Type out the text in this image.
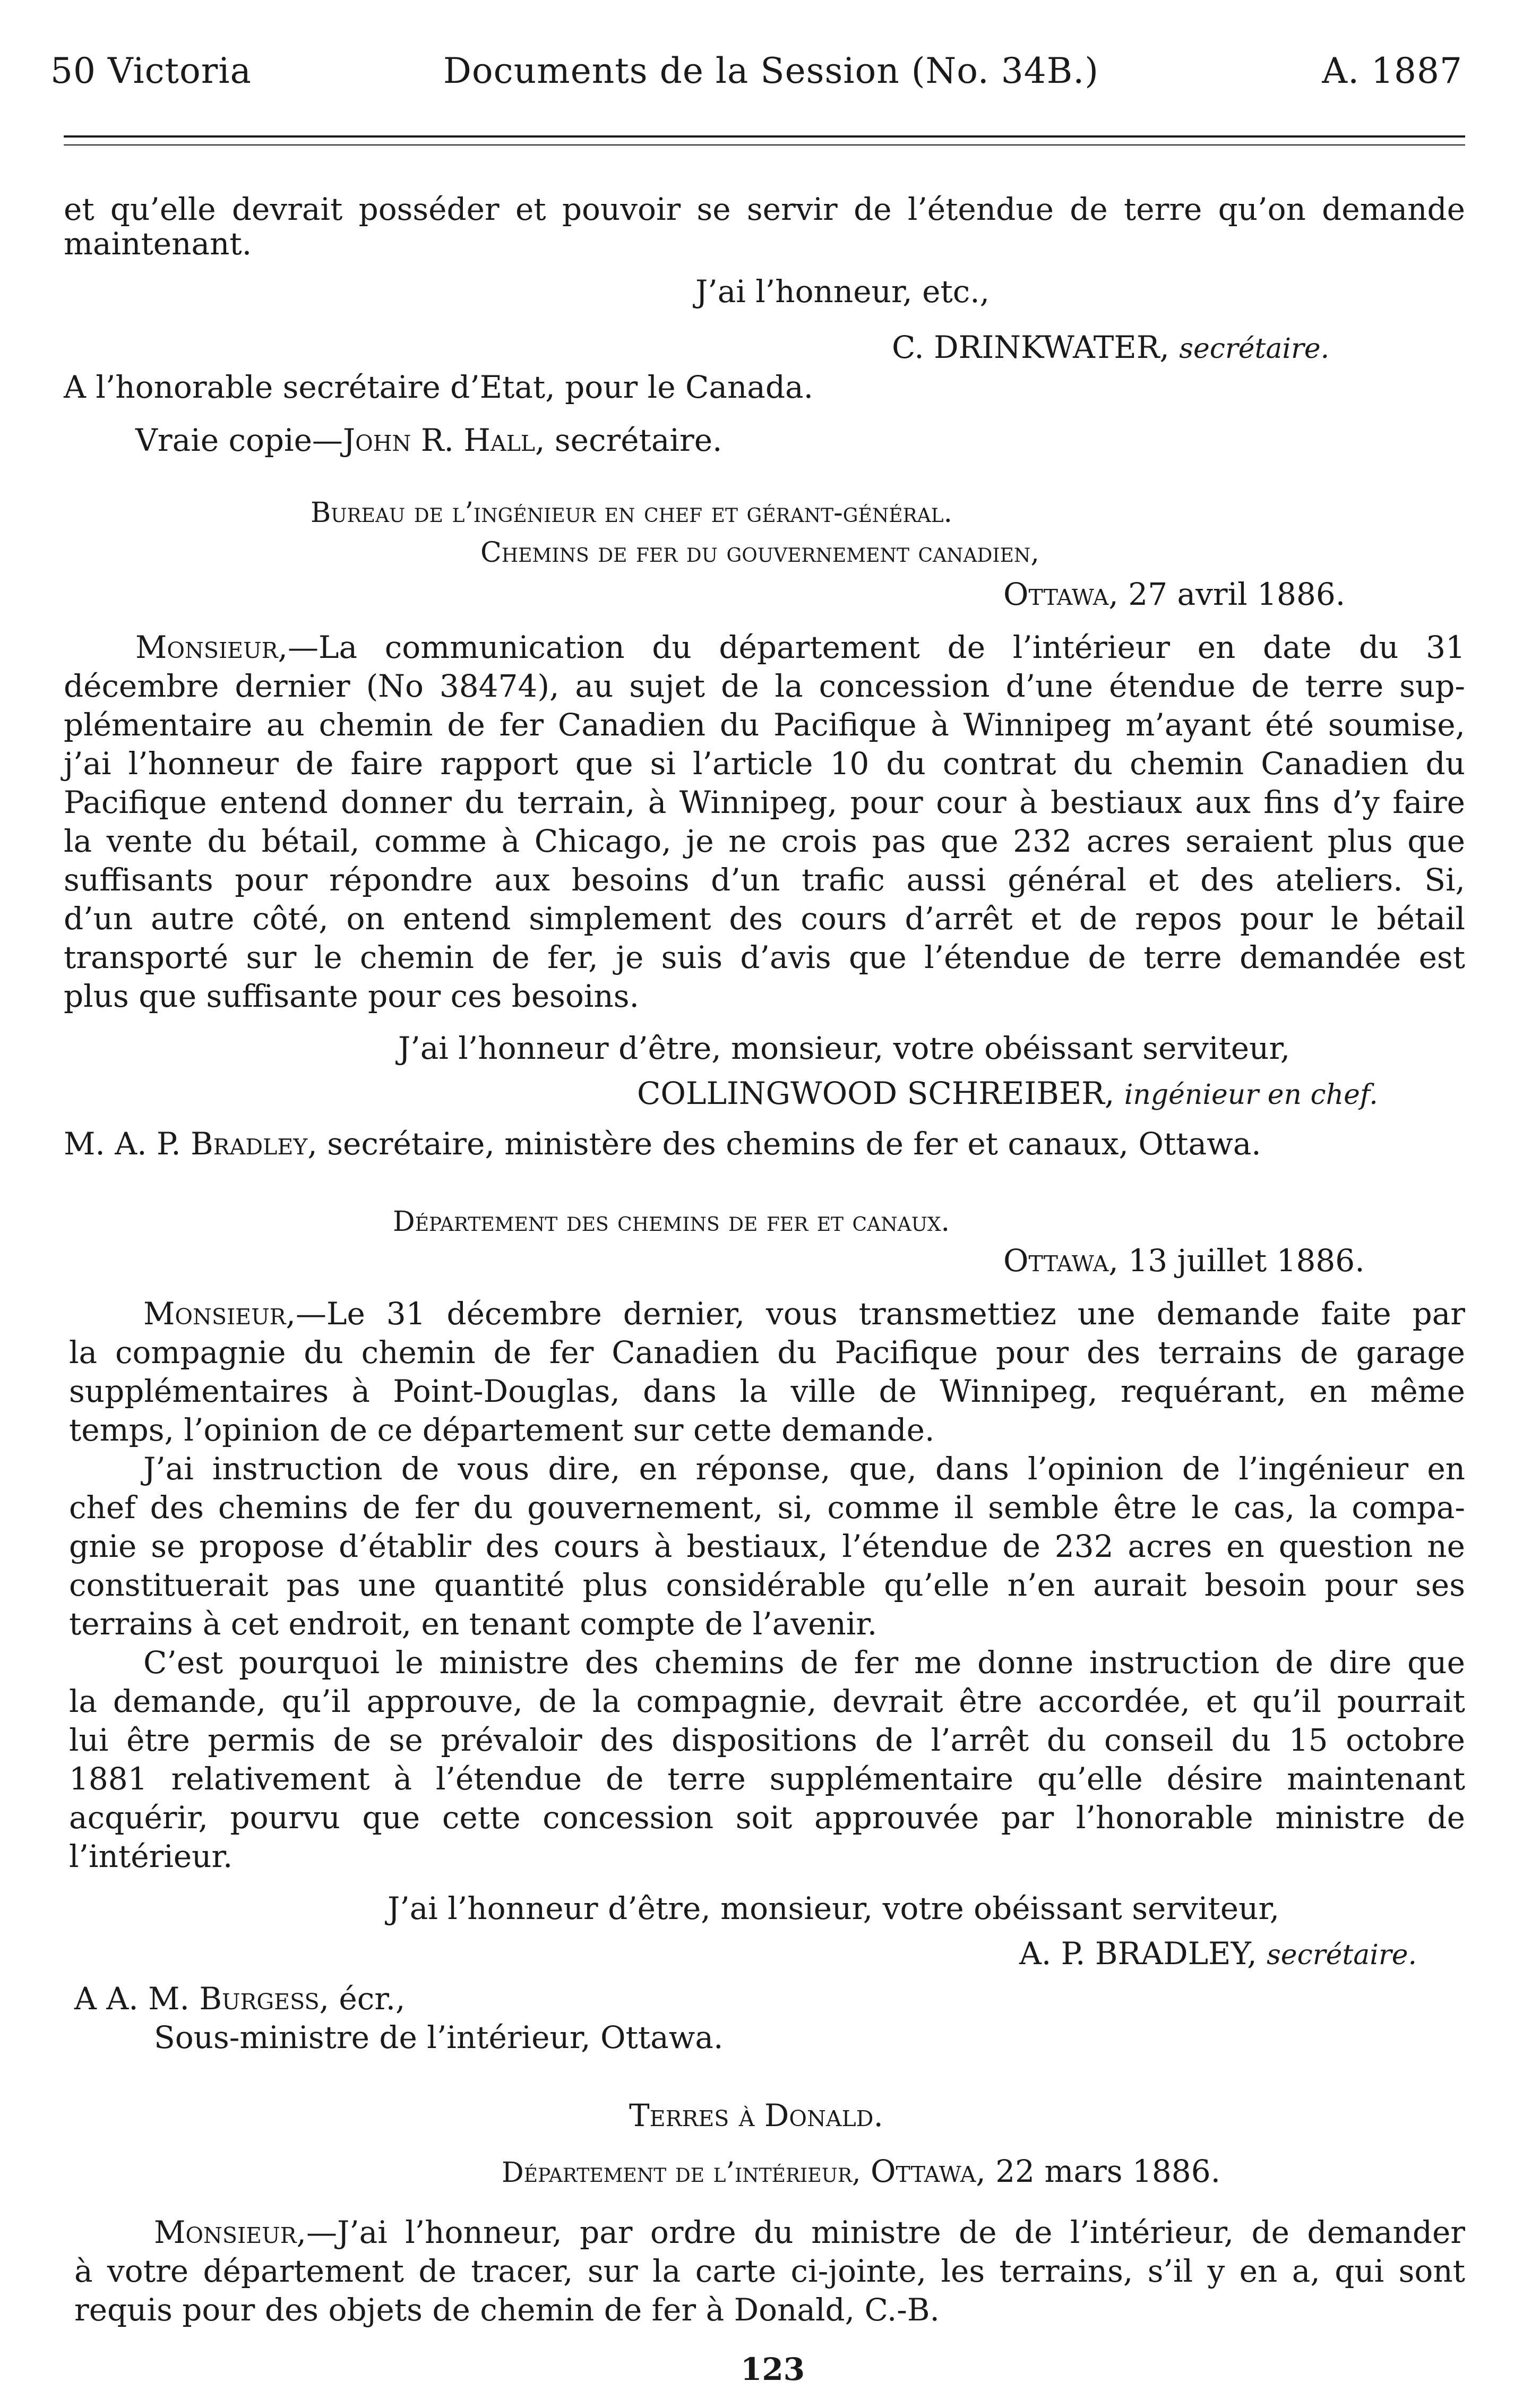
50 Victoria	Documents de la Session (No. 34B.)	A. 1887
et qu’elle devrait posséder et pouvoir se servir de l’étendue de terre qu’on demande
maintenant.
J’ai l’honneur, etc.,
C. DRINKWATER, secrétaire.
A l’honorable secrétaire d’Etat, pour le Canada.
Vraie copie—John R. Hall, secrétaire.
Bureau de l’ingénieur en chef et gérant-général.
Chemins de fer du gouvernement canadien,
Ottawa, 27 avril 1886.
Monsieur,—La communication du département de l’intérieur en date du 31
décembre dernier (No 38474), au sujet de la concession d’une étendue de terre sup-
plémentaire au chemin de fer Canadien du Pacifique à Winnipeg m’ayant été soumise,
j’ai l’honneur de faire rapport que si l’article 10 du contrat du chemin Canadien du
Pacifique entend donner du terrain, à Winnipeg, pour cour à bestiaux aux fins d’y faire
la vente du bétail, comme à Chicago, je ne crois pas que 232 acres seraient plus que
suffisants pour répondre aux besoins d’un trafic aussi général et des ateliers. Si,
d’un autre côté, on entend simplement des cours d’arrêt et de repos pour le bétail
transporté sur le chemin de fer, je suis d’avis que l’étendue de terre demandée est
plus que suffisante pour ces besoins.
J’ai l’honneur d’être, monsieur, votre obéissant serviteur,
COLLINGWOOD SCHREIBER, ingénieur en chef.
M. A. P. Bradley, secrétaire, ministère des chemins de fer et canaux, Ottawa.
Département des chemins de fer et canaux.
Ottawa, 13 juillet 1886.
Monsieur,—Le 31 décembre dernier, vous transmettiez une demande faite par
la compagnie du chemin de fer Canadien du Pacifique pour des terrains de garage
supplémentaires à Point-Douglas, dans la ville de Winnipeg, requérant, en même
temps, l’opinion de ce département sur cette demande.
J’ai instruction de vous dire, en réponse, que, dans l’opinion de l’ingénieur en
chef des chemins de fer du gouvernement, si, comme il semble être le cas, la compa-
gnie se propose d’établir des cours à bestiaux, l’étendue de 232 acres en question ne
constituerait pas une quantité plus considérable qu’elle n’en aurait besoin pour ses
terrains à cet endroit, en tenant compte de l’avenir.
C’est pourquoi le ministre des chemins de fer me donne instruction de dire que
la demande, qu’il approuve, de la compagnie, devrait être accordée, et qu’il pourrait
lui être permis de se prévaloir des dispositions de l’arrêt du conseil du 15 octobre
1881 relativement à l’étendue de terre supplémentaire qu’elle désire maintenant
acquérir, pourvu que cette concession soit approuvée par l’honorable ministre de
l’intérieur.
J’ai l’honneur d’être, monsieur, votre obéissant serviteur,
A. P. BRADLEY, secrétaire.
A A. M. Burgess, écr.,
Sous-ministre de l’intérieur, Ottawa.
Terres à Donald.
Département de l’intérieur, Ottawa, 22 mars 1886.
Monsieur,—J’ai l’honneur, par ordre du ministre de de l’intérieur, de demander
à votre département de tracer, sur la carte ci-jointe, les terrains, s’il y en a, qui sont
requis pour des objets de chemin de fer à Donald, C.-B.
123
